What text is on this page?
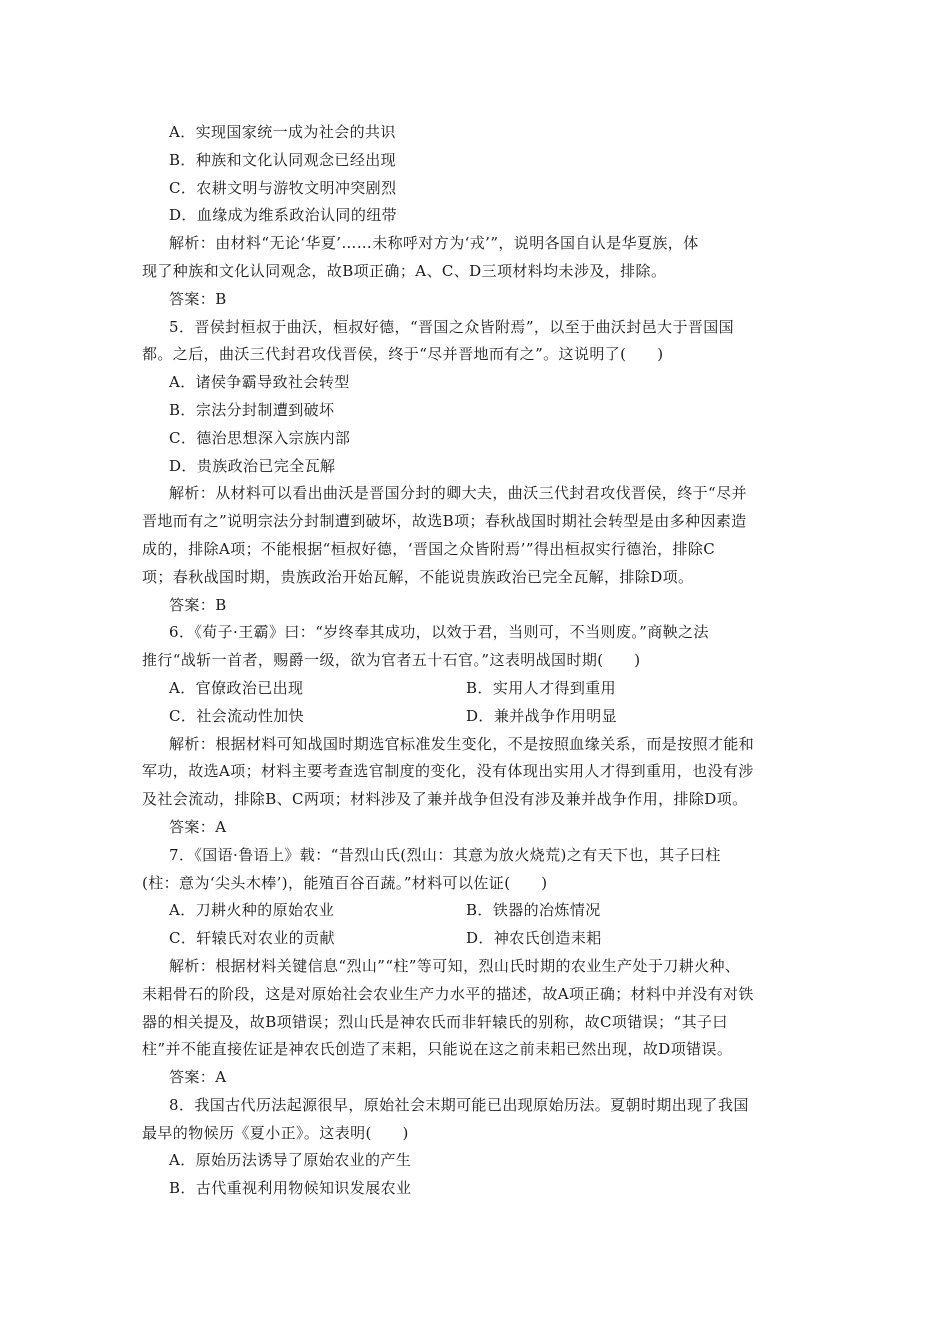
A．实现国家统一成为社会的共识
B．种族和文化认同观念已经出现
C．农耕文明与游牧文明冲突剧烈
D．血缘成为维系政治认同的纽带
解析：由材料“无论‘华夏’……未称呼对方为‘戎’”，说明各国自认是华夏族，体
现了种族和文化认同观念，故B项正确；A、C、D三项材料均未涉及，排除。
答案：B
5．晋侯封桓叔于曲沃，桓叔好德，“晋国之众皆附焉”，以至于曲沃封邑大于晋国国
都。之后，曲沃三代封君攻伐晋侯，终于“尽并晋地而有之”。这说明了(　　)
A．诸侯争霸导致社会转型
B．宗法分封制遭到破坏
C．德治思想深入宗族内部
D．贵族政治已完全瓦解
解析：从材料可以看出曲沃是晋国分封的卿大夫，曲沃三代封君攻伐晋侯，终于“尽并
晋地而有之”说明宗法分封制遭到破坏，故选B项；春秋战国时期社会转型是由多种因素造
成的，排除A项；不能根据“桓叔好德，‘晋国之众皆附焉’”得出桓叔实行德治，排除C
项；春秋战国时期，贵族政治开始瓦解，不能说贵族政治已完全瓦解，排除D项。
答案：B
6．《荀子·王霸》曰：“岁终奉其成功，以效于君，当则可，不当则废。”商鞅之法
推行“战斩一首者，赐爵一级，欲为官者五十石官。”这表明战国时期(　　)
A．官僚政治已出现	B．实用人才得到重用
C．社会流动性加快	D．兼并战争作用明显
解析：根据材料可知战国时期选官标准发生变化，不是按照血缘关系，而是按照才能和
军功，故选A项；材料主要考查选官制度的变化，没有体现出实用人才得到重用，也没有涉
及社会流动，排除B、C两项；材料涉及了兼并战争但没有涉及兼并战争作用，排除D项。
答案：A
7．《国语·鲁语上》载：“昔烈山氏(烈山：其意为放火烧荒)之有天下也，其子曰柱
(柱：意为‘尖头木棒’)，能殖百谷百蔬。”材料可以佐证(　　)
A．刀耕火种的原始农业	B．铁器的冶炼情况
C．轩辕氏对农业的贡献	D．神农氏创造耒耜
解析：根据材料关键信息“烈山”“柱”等可知，烈山氏时期的农业生产处于刀耕火种、
耒耜骨石的阶段，这是对原始社会农业生产力水平的描述，故A项正确；材料中并没有对铁
器的相关提及，故B项错误；烈山氏是神农氏而非轩辕氏的别称，故C项错误；“其子曰
柱”并不能直接佐证是神农氏创造了耒耜，只能说在这之前耒耜已然出现，故D项错误。
答案：A
8．我国古代历法起源很早，原始社会末期可能已出现原始历法。夏朝时期出现了我国
最早的物候历《夏小正》。这表明(　　)
A．原始历法诱导了原始农业的产生
B．古代重视利用物候知识发展农业
